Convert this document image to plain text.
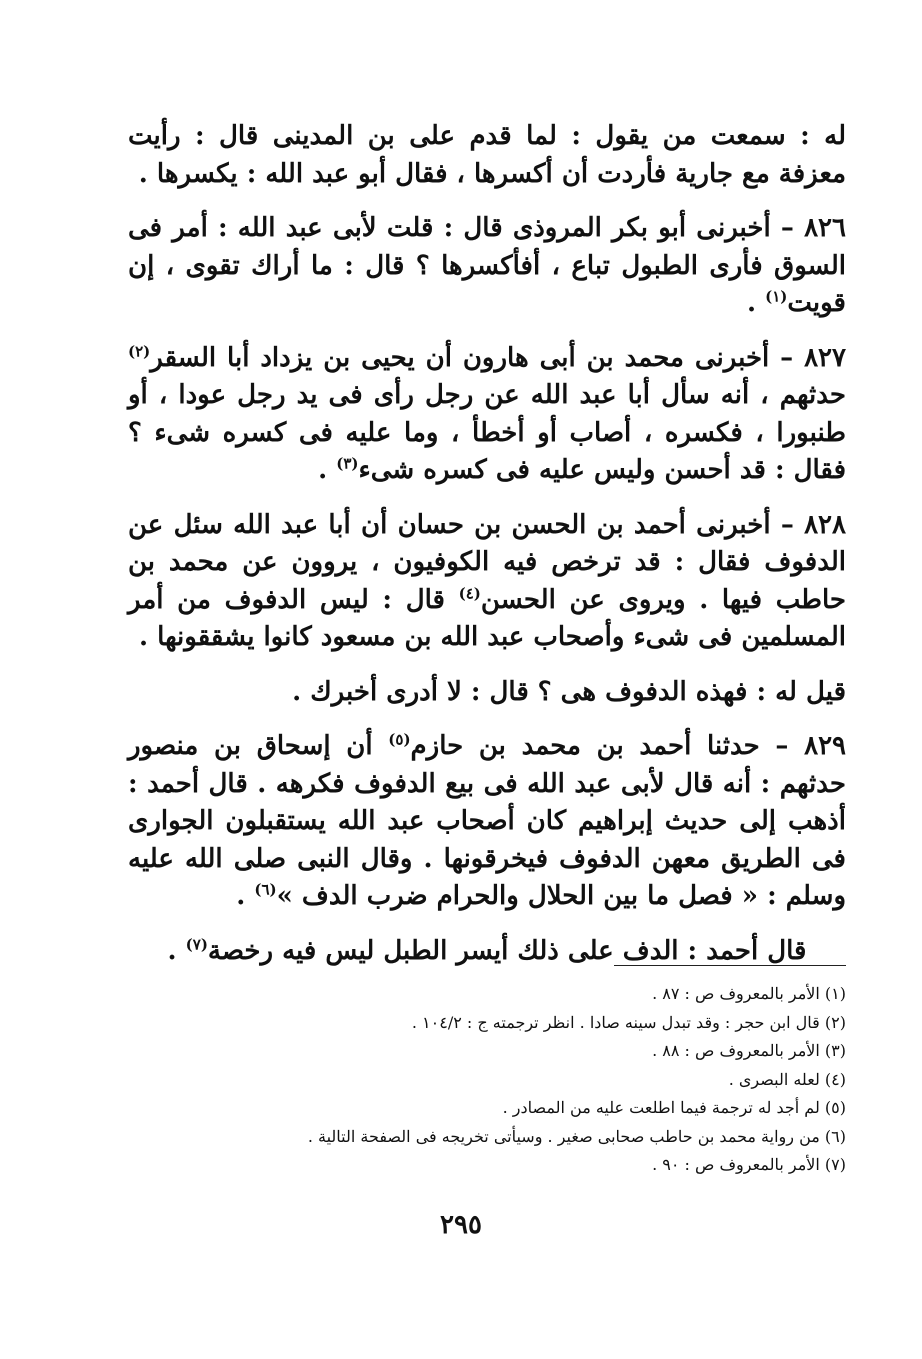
له : سمعت من يقول : لما قدم على بن المدينى قال : رأيت معزفة مع جارية فأردت أن أكسرها ، فقال أبو عبد الله : يكسرها .

٨٢٦ – أخبرنى أبو بكر المروذى قال : قلت لأبى عبد الله : أمر فى السوق فأرى الطبول تباع ، أفأكسرها ؟ قال : ما أراك تقوى ، إن قويت$^{(١)}$ .

٨٢٧ – أخبرنى محمد بن أبى هارون أن يحيى بن يزداد أبا السقر$^{(٢)}$ حدثهم ، أنه سأل أبا عبد الله عن رجل رأى فى يد رجل عودا ، أو طنبورا ، فكسره ، أصاب أو أخطأ ، وما عليه فى كسره شىء ؟ فقال : قد أحسن وليس عليه فى كسره شىء$^{(٣)}$ .

٨٢٨ – أخبرنى أحمد بن الحسن بن حسان أن أبا عبد الله سئل عن الدفوف فقال : قد ترخص فيه الكوفيون ، يروون عن محمد بن حاطب فيها . ويروى عن الحسن$^{(٤)}$ قال : ليس الدفوف من أمر المسلمين فى شىء وأصحاب عبد الله بن مسعود كانوا يشققونها .

قيل له : فهذه الدفوف هى ؟ قال : لا أدرى أخبرك .

٨٢٩ – حدثنا أحمد بن محمد بن حازم$^{(٥)}$ أن إسحاق بن منصور حدثهم : أنه قال لأبى عبد الله فى بيع الدفوف فكرهه . قال أحمد : أذهب إلى حديث إبراهيم كان أصحاب عبد الله يستقبلون الجوارى فى الطريق معهن الدفوف فيخرقونها . وقال النبى صلى الله عليه وسلم : « فصل ما بين الحلال والحرام ضرب الدف »$^{(٦)}$ .

قال أحمد : الدف على ذلك أيسر الطبل ليس فيه رخصة$^{(٧)}$ .

(١) الأمر بالمعروف ص : ٨٧ .
(٢) قال ابن حجر : وقد تبدل سينه صادا . انظر ترجمته ج : ١٠٤/٢ .
(٣) الأمر بالمعروف ص : ٨٨ .
(٤) لعله البصرى .
(٥) لم أجد له ترجمة فيما اطلعت عليه من المصادر .
(٦) من رواية محمد بن حاطب صحابى صغير . وسيأتى تخريجه فى الصفحة التالية .
(٧) الأمر بالمعروف ص : ٩٠ .
٢٩٥
